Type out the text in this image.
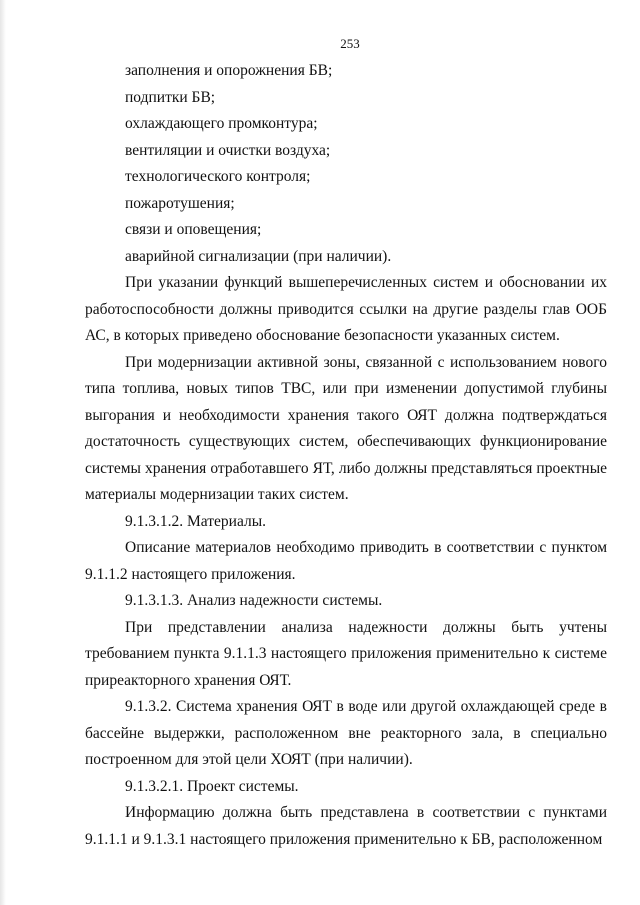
253

заполнения и опорожнения БВ;

подпитки БВ;

охлаждающего промконтура;

вентиляции и очистки воздуха;

технологического контроля;

пожаротушения;

связи и оповещения;

аварийной сигнализации (при наличии).

При указании функций вышеперечисленных систем и обосновании их работоспособности должны приводится ссылки на другие разделы глав ООБ АС, в которых приведено обоснование безопасности указанных систем.

При модернизации активной зоны, связанной с использованием нового типа топлива, новых типов ТВС, или при изменении допустимой глубины выгорания и необходимости хранения такого ОЯТ должна подтверждаться достаточность существующих систем, обеспечивающих функционирование системы хранения отработавшего ЯТ, либо должны представляться проектные материалы модернизации таких систем.

9.1.3.1.2. Материалы.

Описание материалов необходимо приводить в соответствии с пунктом 9.1.1.2 настоящего приложения.

9.1.3.1.3. Анализ надежности системы.

При представлении анализа надежности должны быть учтены требованием пункта 9.1.1.3 настоящего приложения применительно к системе приреакторного хранения ОЯТ.

9.1.3.2. Система хранения ОЯТ в воде или другой охлаждающей среде в бассейне выдержки, расположенном вне реакторного зала, в специально построенном для этой цели ХОЯТ (при наличии).

9.1.3.2.1. Проект системы.

Информацию должна быть представлена в соответствии с пунктами 9.1.1.1 и 9.1.3.1 настоящего приложения применительно к БВ, расположенном
